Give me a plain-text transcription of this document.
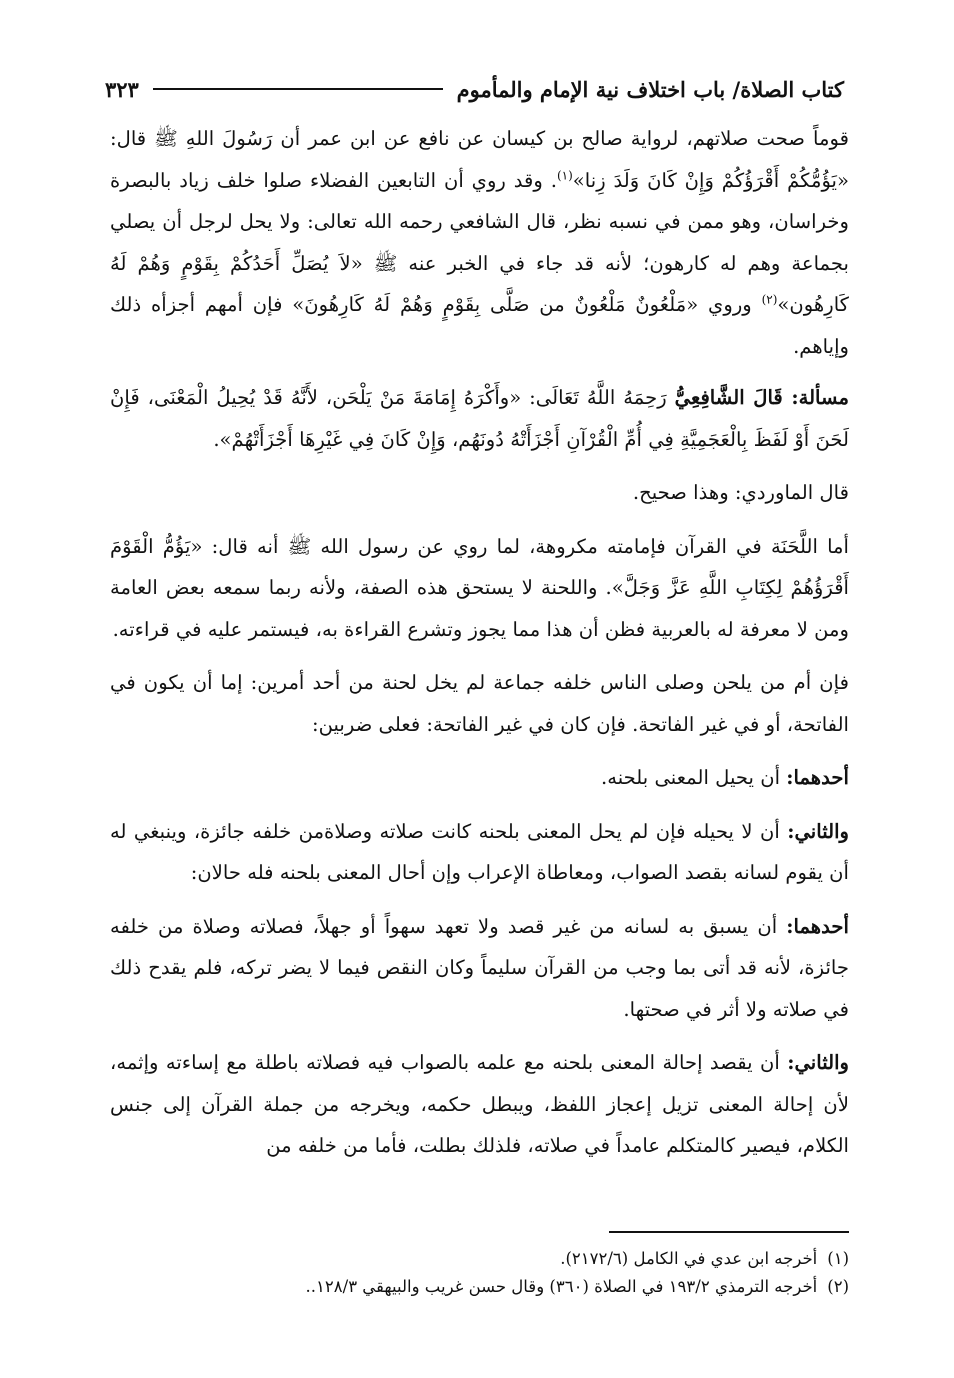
كتاب الصلاة/ باب اختلاف نية الإمام والمأموم
٣٢٣

قوماً صحت صلاتهم، لرواية صالح بن كيسان عن نافع عن ابن عمر أن رَسُولَ اللهِ ﷺ قال: «يَؤُمُّكُمْ أَقْرَؤُكُمْ وَإِنْ كَانَ وَلَدَ زِنا»$^{(١)}$. وقد روي أن التابعين الفضلاء صلوا خلف زياد بالبصرة وخراسان، وهو ممن في نسبه نظر، قال الشافعي رحمه الله تعالى: ولا يحل لرجل أن يصلي بجماعة وهم له كارهون؛ لأنه قد جاء في الخبر عنه ﷺ «لاَ يُصَلِّ أَحَدُكُمْ بِقَوْمٍ وَهُمْ لَهُ كَارِهُون»$^{(٢)}$ وروي «مَلْعُونٌ مَلْعُونٌ من صَلَّى بِقَوْمٍ وَهُمْ لَهُ كَارِهُونَ» فإن أمهم أجزأه ذلك وإياهم.

مسألة: قَالَ الشَّافِعِيُّ رَحِمَهُ اللَّهُ تَعَالَى: «وأَكْرَهُ إِمَامَةَ مَنْ يَلْحَن، لأَنَّهُ قَدْ يُحِيلُ الْمَعْنَى، فَإِنْ لَحَنَ أَوْ لَفَظَ بِالْعَجَمِيَّةِ فِي أُمِّ الْقُرْآنِ أَجْزَأَتْهُ دُونَهُم، وَإِنْ كَانَ فِي غَيْرِهَا أَجْزَأَتْهُمْ».

قال الماوردي: وهذا صحيح.

أما اللَّحَنَة في القرآن فإمامته مكروهة، لما روي عن رسول الله ﷺ أنه قال: «يَؤُمُّ الْقَوْمَ أَقْرَؤُهُمْ لِكِتَابِ اللَّهِ عَزَّ وَجَلَّ». واللحنة لا يستحق هذه الصفة، ولأنه ربما سمعه بعض العامة ومن لا معرفة له بالعربية فظن أن هذا مما يجوز وتشرع القراءة به، فيستمر عليه في قراءته.

فإن أم من يلحن وصلى الناس خلفه جماعة لم يخل لحنة من أحد أمرين: إما أن يكون في الفاتحة، أو في غير الفاتحة. فإن كان في غير الفاتحة: فعلى ضربين:

أحدهما: أن يحيل المعنى بلحنه.

والثاني: أن لا يحيله فإن لم يحل المعنى بلحنه كانت صلاته وصلاةمن خلفه جائزة، وينبغي له أن يقوم لسانه بقصد الصواب، ومعاطاة الإعراب وإن أحال المعنى بلحنه فله حالان:

أحدهما: أن يسبق به لسانه من غير قصد ولا تعهد سهواً أو جهلاً، فصلاته وصلاة من خلفه جائزة، لأنه قد أتى بما وجب من القرآن سليماً وكان النقص فيما لا يضر تركه، فلم يقدح ذلك في صلاته ولا أثر في صحتها.

والثاني: أن يقصد إحالة المعنى بلحنه مع علمه بالصواب فيه فصلاته باطلة مع إساءته وإثمه، لأن إحالة المعنى تزيل إعجاز اللفظ، ويبطل حكمه، ويخرجه من جملة القرآن إلى جنس الكلام، فيصير كالمتكلم عامداً في صلاته، فلذلك بطلت، فأما من خلفه من

(١)
أخرجه ابن عدي في الكامل (٢١٧٢/٦).
(٢)
أخرجه الترمذي ١٩٣/٢ في الصلاة (٣٦٠) وقال حسن غريب والبيهقي ١٢٨/٣..
